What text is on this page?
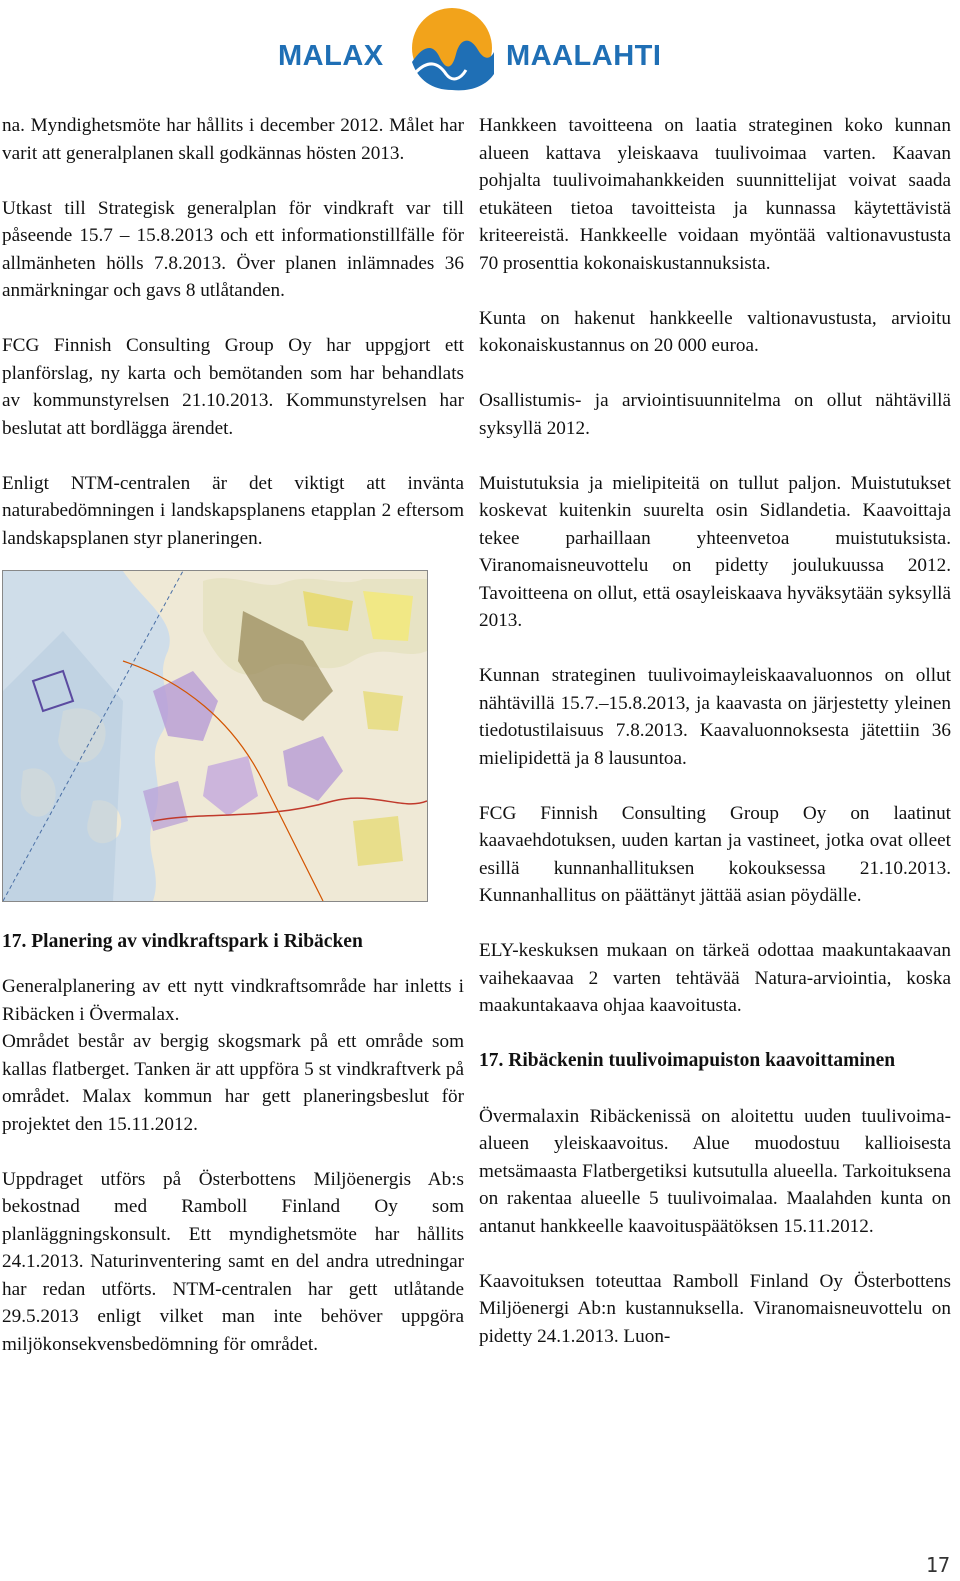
MALAX	MAALAHTI

na. Myndighetsmöte har hållits i december 2012. Målet har varit att generalplanen skall godkännas hösten 2013.

Utkast till Strategisk generalplan för vindkraft var till påseende 15.7 – 15.8.2013 och ett informationstillfälle för allmänheten hölls 7.8.2013. Över planen inlämnades 36 anmärkningar och gavs 8 utlåtanden.

FCG Finnish Consulting Group Oy har uppgjort ett planförslag, ny karta och bemötanden som har behandlats av kommunstyrelsen 21.10.2013. Kommunstyrelsen har beslutat att bordlägga ärendet.

Enligt NTM-centralen är det viktigt att invänta naturabedömningen i landskapsplanens etapplan 2 eftersom landskapsplanen styr planeringen.

17. Planering av vindkraftspark i Ribäcken

Generalplanering av ett nytt vindkraftsområde har inletts i Ribäcken i Övermalax.

Området består av bergig skogsmark på ett område som kallas flatberget. Tanken är att uppföra 5 st vindkraftverk på området. Malax kommun har gett planeringsbeslut för projektet den 15.11.2012.

Uppdraget utförs på Österbottens Miljöenergis Ab:s bekostnad med Ramboll Finland Oy som planläggningskonsult. Ett myndighetsmöte har hållits 24.1.2013. Naturinventering samt en del andra utredningar har redan utförts. NTM-centralen har gett utlåtande 29.5.2013 enligt vilket man inte behöver uppgöra miljökonsekvensbedömning för området.

Hankkeen tavoitteena on laatia strateginen koko kunnan alueen kattava yleiskaava tuulivoimaa varten. Kaavan pohjalta tuulivoimahankkeiden suunnittelijat voivat saada etukäteen tietoa tavoitteista ja kunnassa käytettävistä kriteereistä. Hankkeelle voidaan myöntää valtionavustusta 70 prosenttia kokonaiskustannuksista.

Kunta on hakenut hankkeelle valtionavustusta, arvioitu kokonaiskustannus on 20 000 euroa.

Osallistumis- ja arviointisuunnitelma on ollut nähtävillä syksyllä 2012.

Muistutuksia ja mielipiteitä on tullut paljon. Muistutukset koskevat kuitenkin suurelta osin Sidlandetia. Kaavoittaja tekee parhaillaan yhteenvetoa muistutuksista. Viranomaisneuvottelu on pidetty joulukuussa 2012. Tavoitteena on ollut, että osayleiskaava hyväksytään syksyllä 2013.

Kunnan strateginen tuulivoimayleiskaavaluonnos on ollut nähtävillä 15.7.–15.8.2013, ja kaavasta on järjestetty yleinen tiedotustilaisuus 7.8.2013. Kaavaluonnoksesta jätettiin 36 mielipidettä ja 8 lausuntoa.

FCG Finnish Consulting Group Oy on laatinut kaavaehdotuksen, uuden kartan ja vastineet, jotka ovat olleet esillä kunnanhallituksen kokouksessa 21.10.2013. Kunnanhallitus on päättänyt jättää asian pöydälle.

ELY-keskuksen mukaan on tärkeä odottaa maakuntakaavan vaihekaavaa 2 varten tehtävää Natura-arviointia, koska maakuntakaava ohjaa kaavoitusta.

17. Ribäckenin tuulivoimapuiston kaavoittaminen

Övermalaxin Ribäckenissä on aloitettu uuden tuulivoima-alueen yleiskaavoitus. Alue muodostuu kallioisesta metsämaasta Flatbergetiksi kutsutulla alueella. Tarkoituksena on rakentaa alueelle 5 tuulivoimalaa. Maalahden kunta on antanut hankkeelle kaavoituspäätöksen 15.11.2012.

Kaavoituksen toteuttaa Ramboll Finland Oy Österbottens Miljöenergi Ab:n kustannuksella. Viranomaisneuvottelu on pidetty 24.1.2013. Luon-

17
